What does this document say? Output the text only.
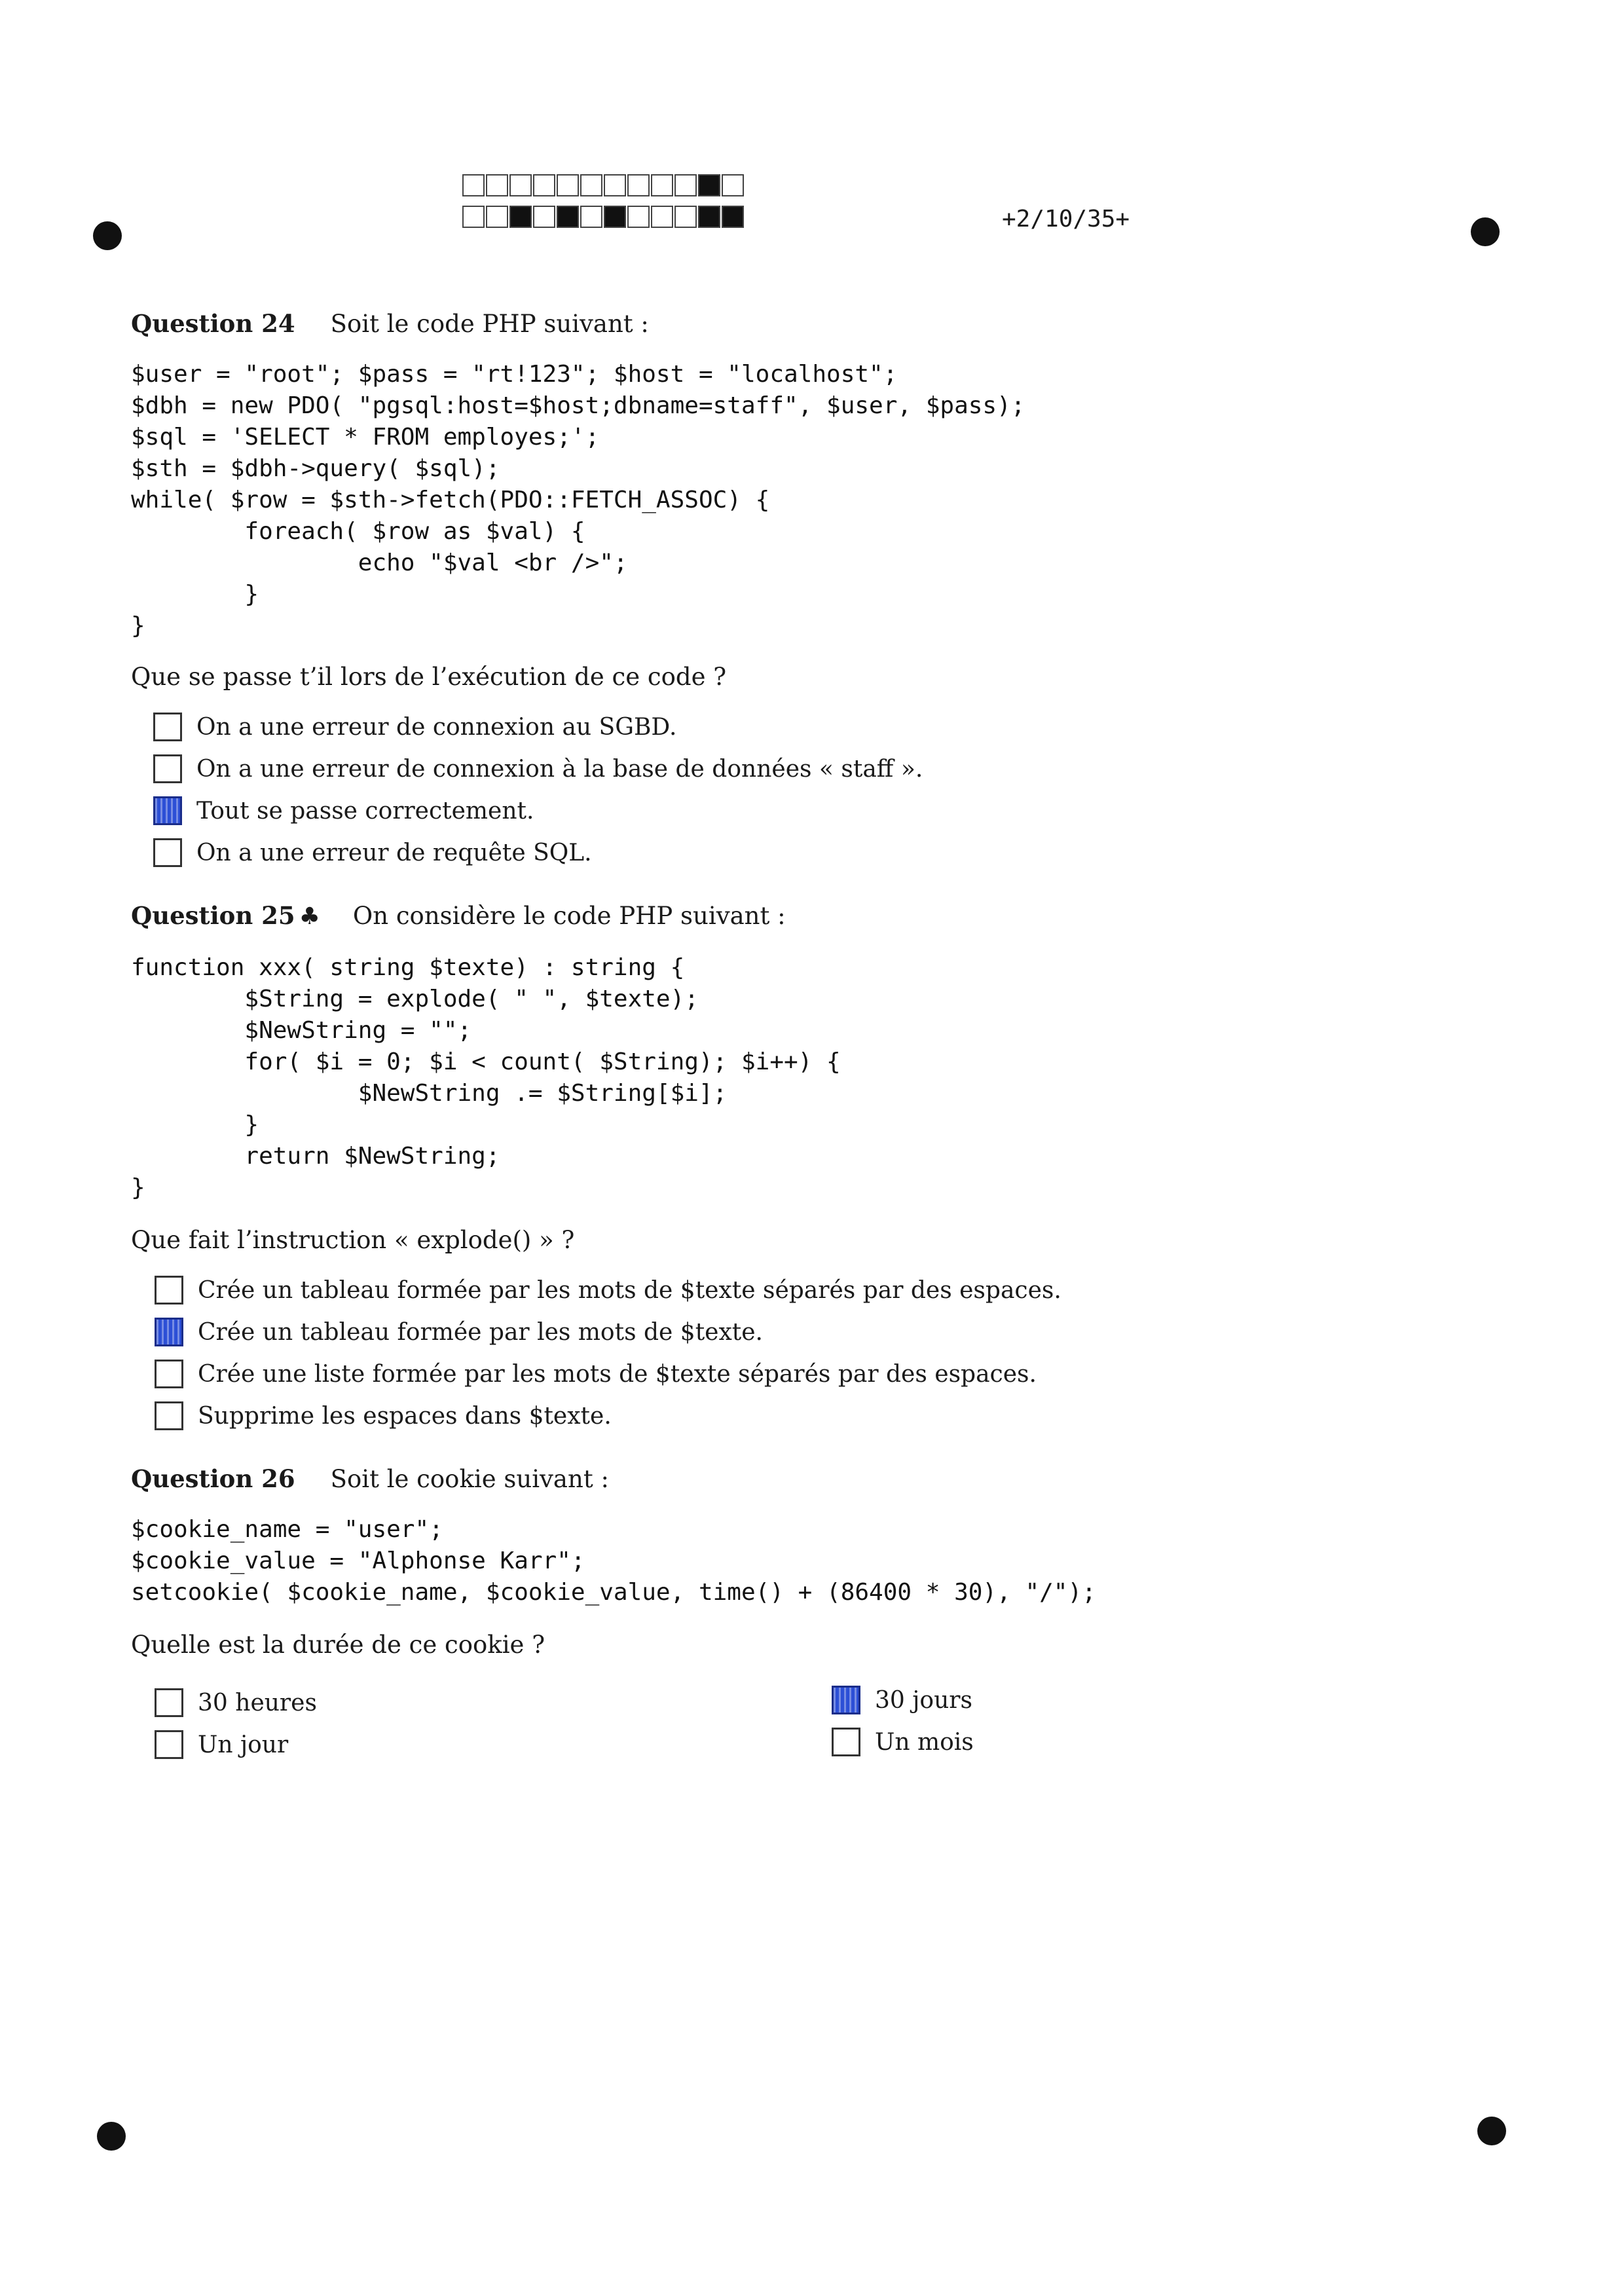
+2/10/35+
Question 24 Soit le code PHP suivant :
$user = "root"; $pass = "rt!123"; $host = "localhost";
$dbh = new PDO( "pgsql:host=$host;dbname=staff", $user, $pass);
$sql = 'SELECT * FROM employes;';
$sth = $dbh->query( $sql);
while( $row = $sth->fetch(PDO::FETCH_ASSOC) {
foreach( $row as $val) {
echo "$val <br />";
}
}
Que se passe t’il lors de l’exécution de ce code ?
On a une erreur de connexion au SGBD.
On a une erreur de connexion à la base de données « staff ».
Tout se passe correctement.
On a une erreur de requête SQL.
Question 25 ♣ On considère le code PHP suivant :
function xxx( string $texte) : string {
$String = explode( " ", $texte);
$NewString = "";
for( $i = 0; $i < count( $String); $i++) {
$NewString .= $String[$i];
}
return $NewString;
}
Que fait l’instruction « explode() » ?
Crée un tableau formée par les mots de $texte séparés par des espaces.
Crée un tableau formée par les mots de $texte.
Crée une liste formée par les mots de $texte séparés par des espaces.
Supprime les espaces dans $texte.
Question 26 Soit le cookie suivant :
$cookie_name = "user";
$cookie_value = "Alphonse Karr";
setcookie( $cookie_name, $cookie_value, time() + (86400 * 30), "/");
Quelle est la durée de ce cookie ?
30 heures
Un jour
30 jours
Un mois
